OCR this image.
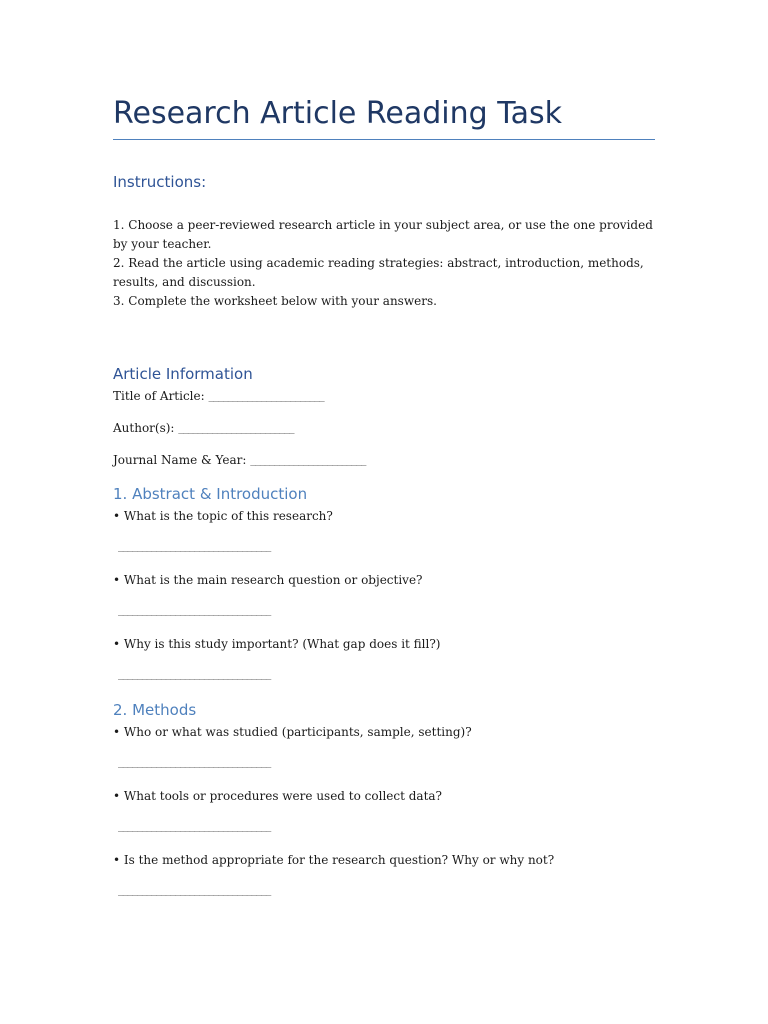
Research Article Reading Task
Instructions:

1. Choose a peer-reviewed research article in your subject area, or use the one provided by your teacher.

2. Read the article using academic reading strategies: abstract, introduction, methods, results, and discussion.

3. Complete the worksheet below with your answers.

Article Information
Title of Article: ________________________
Author(s): ________________________
Journal Name & Year: ________________________
1. Abstract & Introduction
• What is the topic of this research?
________________________________
• What is the main research question or objective?
________________________________
• Why is this study important? (What gap does it fill?)
________________________________
2. Methods
• Who or what was studied (participants, sample, setting)?
________________________________
• What tools or procedures were used to collect data?
________________________________
• Is the method appropriate for the research question? Why or why not?
________________________________
